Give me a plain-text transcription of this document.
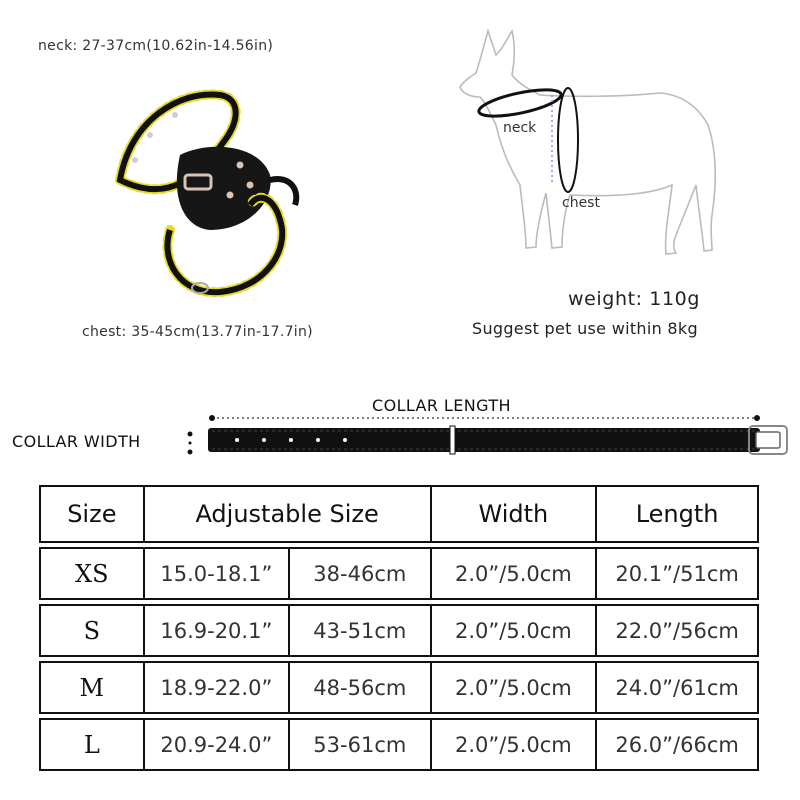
neck: 27-37cm(10.62in-14.56in)
chest: 35-45cm(13.77in-17.7in)
weight: 110g
Suggest pet use within 8kg
neck
chest
COLLAR LENGTH
COLLAR WIDTH
Size	Adjustable Size		Width	Length

XS	15.0-18.1”	38-46cm	2.0”/5.0cm	20.1”/51cm

S	16.9-20.1”	43-51cm	2.0”/5.0cm	22.0”/56cm

M	18.9-22.0”	48-56cm	2.0”/5.0cm	24.0”/61cm

L	20.9-24.0”	53-61cm	2.0”/5.0cm	26.0”/66cm
